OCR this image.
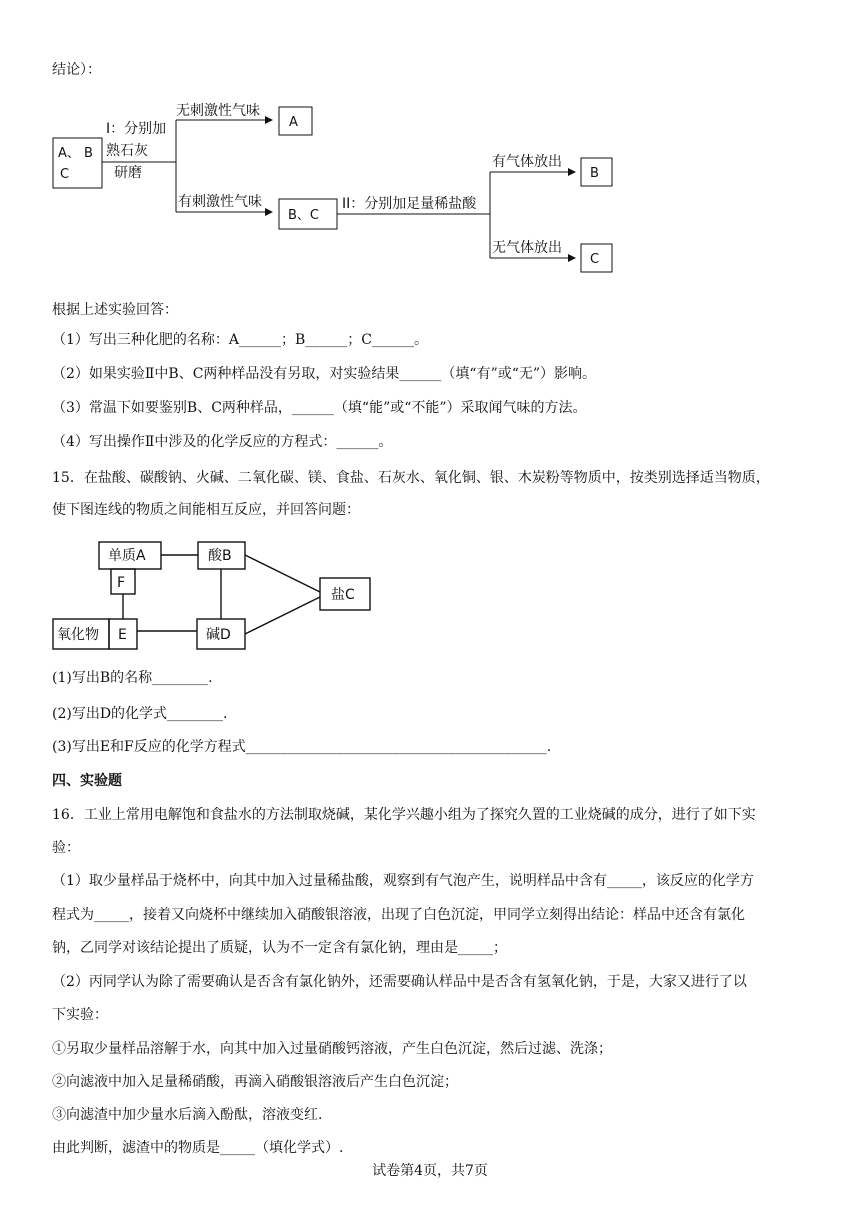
结论）：
A、 B
C
I：分别加
熟石灰
研磨
无刺激性气味
A
有刺激性气味
B、C
II：分别加足量稀盐酸
有气体放出
B
无气体放出
C
根据上述实验回答：
（1）写出三种化肥的名称：A______；B______；C______。
（2）如果实验Ⅱ中B、C两种样品没有另取，对实验结果______（填“有”或“无”）影响。
（3）常温下如要鉴别B、C两种样品，______（填“能”或“不能”）采取闻气味的方法。
（4）写出操作Ⅱ中涉及的化学反应的方程式：______。
15．在盐酸、碳酸钠、火碱、二氧化碳、镁、食盐、石灰水、氧化铜、银、木炭粉等物质中，按类别选择适当物质，
使下图连线的物质之间能相互反应，并回答问题：
单质A	酸B
F
盐C
氧化物 E	碱D
(1)写出B的名称________.
(2)写出D的化学式________.
(3)写出E和F反应的化学方程式___________________________________________.
四、实验题
16．工业上常用电解饱和食盐水的方法制取烧碱，某化学兴趣小组为了探究久置的工业烧碱的成分，进行了如下实
验：
（1）取少量样品于烧杯中，向其中加入过量稀盐酸，观察到有气泡产生，说明样品中含有_____，该反应的化学方
程式为_____，接着又向烧杯中继续加入硝酸银溶液，出现了白色沉淀，甲同学立刻得出结论：样品中还含有氯化
钠，乙同学对该结论提出了质疑，认为不一定含有氯化钠，理由是_____；
（2）丙同学认为除了需要确认是否含有氯化钠外，还需要确认样品中是否含有氢氧化钠，于是，大家又进行了以
下实验：
①另取少量样品溶解于水，向其中加入过量硝酸钙溶液，产生白色沉淀，然后过滤、洗涤；
②向滤液中加入足量稀硝酸，再滴入硝酸银溶液后产生白色沉淀；
③向滤渣中加少量水后滴入酚酞，溶液变红.
由此判断，滤渣中的物质是_____（填化学式）.
试卷第4页，共7页
